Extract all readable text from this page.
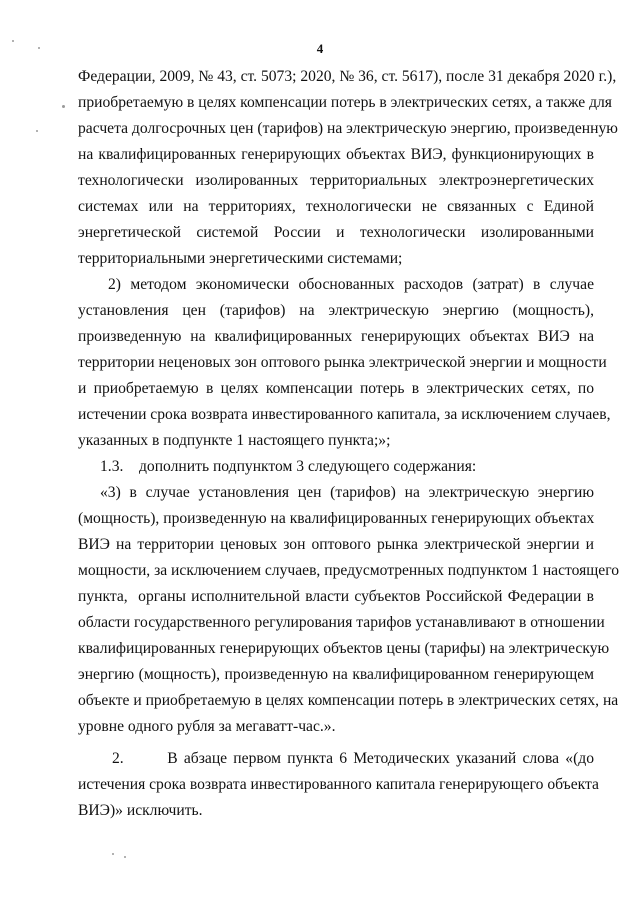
4
Федерации, 2009, № 43, ст. 5073; 2020, № 36, ст. 5617), после 31 декабря 2020 г.),
приобретаемую в целях компенсации потерь в электрических сетях, а также для
расчета долгосрочных цен (тарифов) на электрическую энергию, произведенную
на квалифицированных генерирующих объектах ВИЭ, функционирующих в
технологически изолированных территориальных электроэнергетических
системах или на территориях, технологически не связанных с Единой
энергетической системой России и технологически изолированными
территориальными энергетическими системами;
2) методом экономически обоснованных расходов (затрат) в случае
установления цен (тарифов) на электрическую энергию (мощность),
произведенную на квалифицированных генерирующих объектах ВИЭ на
территории неценовых зон оптового рынка электрической энергии и мощности
и приобретаемую в целях компенсации потерь в электрических сетях, по
истечении срока возврата инвестированного капитала, за исключением случаев,
указанных в подпункте 1 настоящего пункта;»;
1.3.    дополнить подпунктом 3 следующего содержания:
«3) в случае установления цен (тарифов) на электрическую энергию
(мощность), произведенную на квалифицированных генерирующих объектах
ВИЭ на территории ценовых зон оптового рынка электрической энергии и
мощности, за исключением случаев, предусмотренных подпунктом 1 настоящего
пункта,  органы исполнительной власти субъектов Российской Федерации в
области государственного регулирования тарифов устанавливают в отношении
квалифицированных генерирующих объектов цены (тарифы) на электрическую
энергию (мощность), произведенную на квалифицированном генерирующем
объекте и приобретаемую в целях компенсации потерь в электрических сетях, на
уровне одного рубля за мегаватт-час.».
2.       В абзаце первом пункта 6 Методических указаний слова «(до
истечения срока возврата инвестированного капитала генерирующего объекта
ВИЭ)» исключить.
